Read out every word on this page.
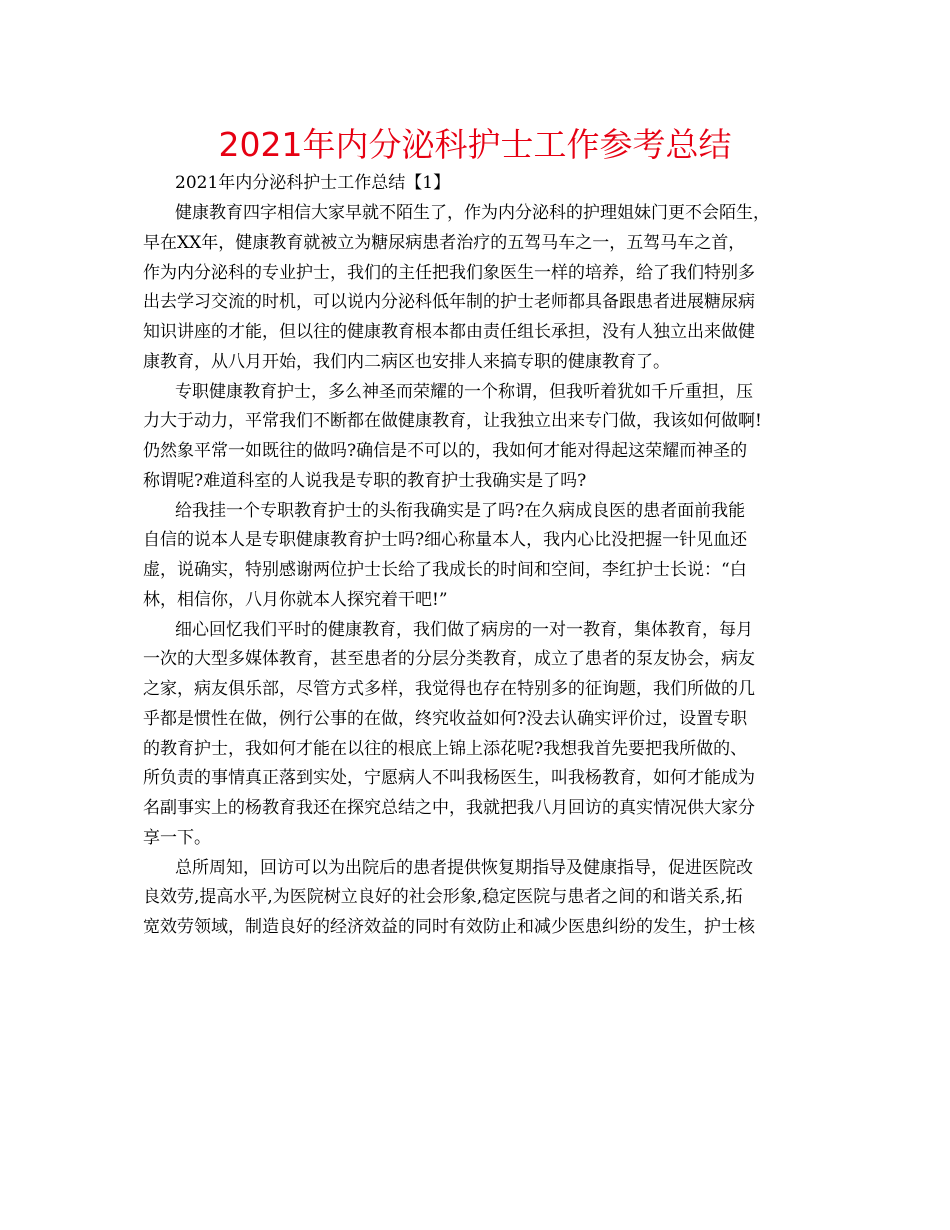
2021年内分泌科护士工作参考总结
2021年内分泌科护士工作总结【1】
健康教育四字相信大家早就不陌生了，作为内分泌科的护理姐妹门更不会陌生，
早在XX年，健康教育就被立为糖尿病患者治疗的五驾马车之一，五驾马车之首，
作为内分泌科的专业护士，我们的主任把我们象医生一样的培养，给了我们特别多
出去学习交流的时机，可以说内分泌科低年制的护士老师都具备跟患者进展糖尿病
知识讲座的才能，但以往的健康教育根本都由责任组长承担，没有人独立出来做健
康教育，从八月开始，我们内二病区也安排人来搞专职的健康教育了。
专职健康教育护士，多么神圣而荣耀的一个称谓，但我听着犹如千斤重担，压
力大于动力，平常我们不断都在做健康教育，让我独立出来专门做，我该如何做啊!
仍然象平常一如既往的做吗?确信是不可以的，我如何才能对得起这荣耀而神圣的
称谓呢?难道科室的人说我是专职的教育护士我确实是了吗?
给我挂一个专职教育护士的头衔我确实是了吗?在久病成良医的患者面前我能
自信的说本人是专职健康教育护士吗?细心称量本人，我内心比没把握一针见血还
虚，说确实，特别感谢两位护士长给了我成长的时间和空间，李红护士长说：“白
林，相信你，八月你就本人探究着干吧!”
细心回忆我们平时的健康教育，我们做了病房的一对一教育，集体教育，每月
一次的大型多媒体教育，甚至患者的分层分类教育，成立了患者的泵友协会，病友
之家，病友俱乐部，尽管方式多样，我觉得也存在特别多的征询题，我们所做的几
乎都是惯性在做，例行公事的在做，终究收益如何?没去认确实评价过，设置专职
的教育护士，我如何才能在以往的根底上锦上添花呢?我想我首先要把我所做的、
所负责的事情真正落到实处，宁愿病人不叫我杨医生，叫我杨教育，如何才能成为
名副事实上的杨教育我还在探究总结之中，我就把我八月回访的真实情况供大家分
享一下。
总所周知，回访可以为出院后的患者提供恢复期指导及健康指导，促进医院改
良效劳,提高水平,为医院树立良好的社会形象,稳定医院与患者之间的和谐关系,拓
宽效劳领域，制造良好的经济效益的同时有效防止和减少医患纠纷的发生，护士核
